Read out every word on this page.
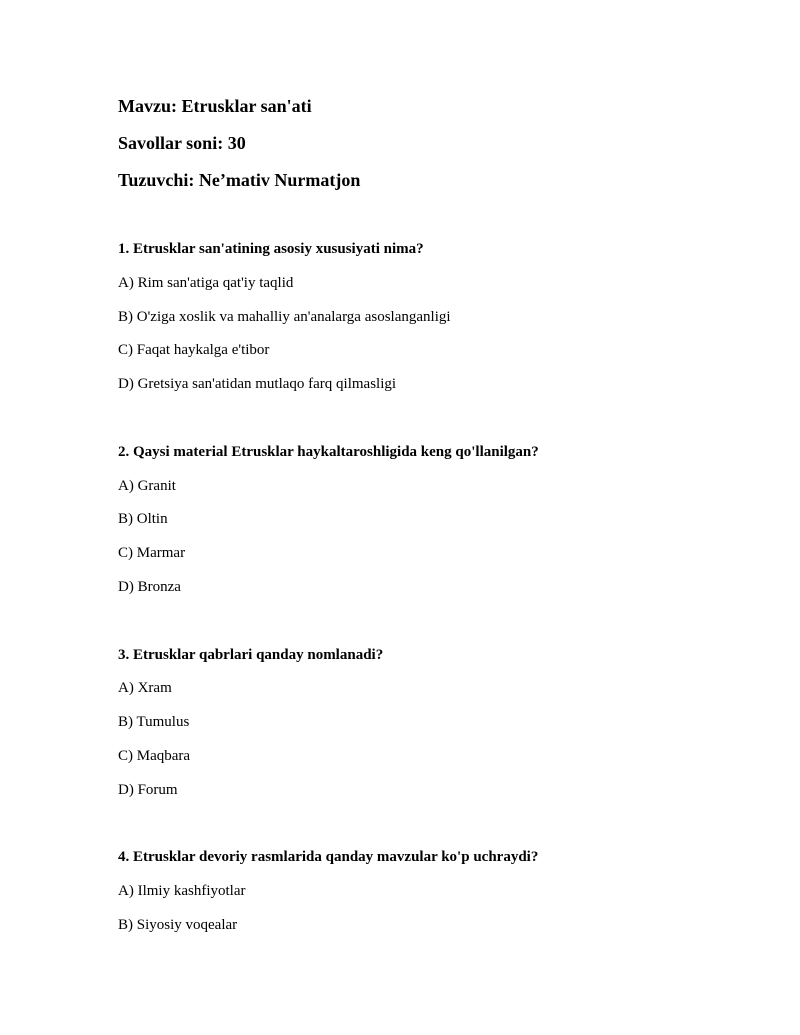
Mavzu: Etrusklar san'ati
Savollar soni: 30
Tuzuvchi: Ne’mativ Nurmatjon
1. Etrusklar san'atining asosiy xususiyati nima?
A) Rim san'atiga qat'iy taqlid
B) O'ziga xoslik va mahalliy an'analarga asoslanganligi
C) Faqat haykalga e'tibor
D) Gretsiya san'atidan mutlaqo farq qilmasligi
2. Qaysi material Etrusklar haykaltaroshligida keng qo'llanilgan?
A) Granit
B) Oltin
C) Marmar
D) Bronza
3. Etrusklar qabrlari qanday nomlanadi?
A) Xram
B) Tumulus
C) Maqbara
D) Forum
4. Etrusklar devoriy rasmlarida qanday mavzular ko'p uchraydi?
A) Ilmiy kashfiyotlar
B) Siyosiy voqealar
